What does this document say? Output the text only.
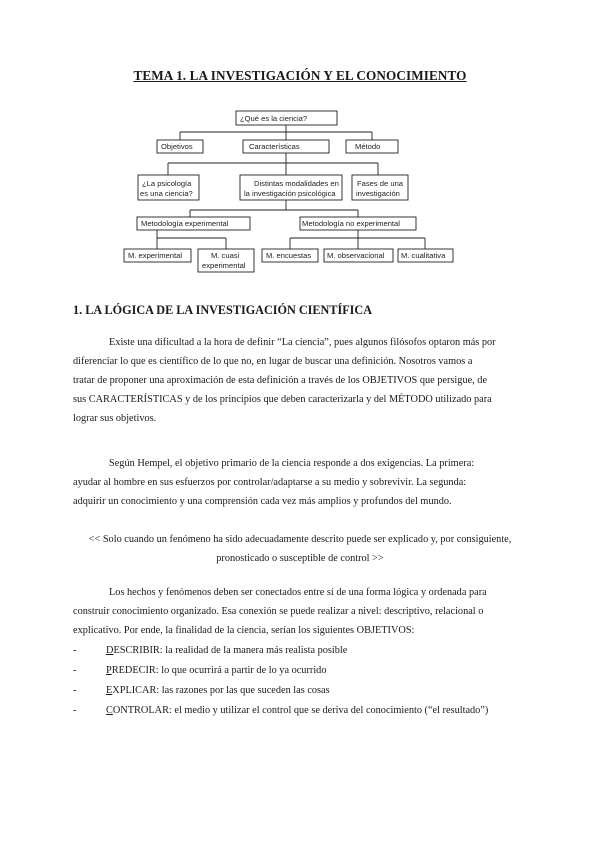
TEMA 1. LA INVESTIGACIÓN Y EL CONOCIMIENTO
¿Qué es la ciencia?
Objetivos	Características	Método
¿La psicología
es una ciencia?
Distintas modalidades en
la investigación psicológica
Fases de una
investigación
Metodología experimental	Metodología no experimental
M. experimental	M. cuasi
experimental
M. encuestas M. observacional M. cualitativa
1. LA LÓGICA DE LA INVESTIGACIÓN CIENTÍFICA
Existe una dificultad a la hora de definir “La ciencia”, pues algunos filósofos optaron más por
diferenciar lo que es científico de lo que no, en lugar de buscar una definición. Nosotros vamos a
tratar de proponer una aproximación de esta definición a través de los OBJETIVOS que persigue, de
sus CARACTERÍSTICAS y de los principios que deben caracterizarla y del MÉTODO utilizado para
lograr sus objetivos.
Según Hempel, el objetivo primario de la ciencia responde a dos exigencias. La primera:
ayudar al hombre en sus esfuerzos por controlar/adaptarse a su medio y sobrevivir. La segunda:
adquirir un conocimiento y una comprensión cada vez más amplios y profundos del mundo.
<< Solo cuando un fenómeno ha sido adecuadamente descrito puede ser explicado y, por consiguiente,
pronosticado o susceptible de control >>
Los hechos y fenómenos deben ser conectados entre sí de una forma lógica y ordenada para
construir conocimiento organizado. Esa conexión se puede realizar a nivel: descriptivo, relacional o
explicativo. Por ende, la finalidad de la ciencia, serían los siguientes OBJETIVOS:
-	DESCRIBIR: la realidad de la manera más realista posible
-	PREDECIR: lo que ocurrirá a partir de lo ya ocurrido
-	EXPLICAR: las razones por las que suceden las cosas
-	CONTROLAR: el medio y utilizar el control que se deriva del conocimiento (“el resultado”)
